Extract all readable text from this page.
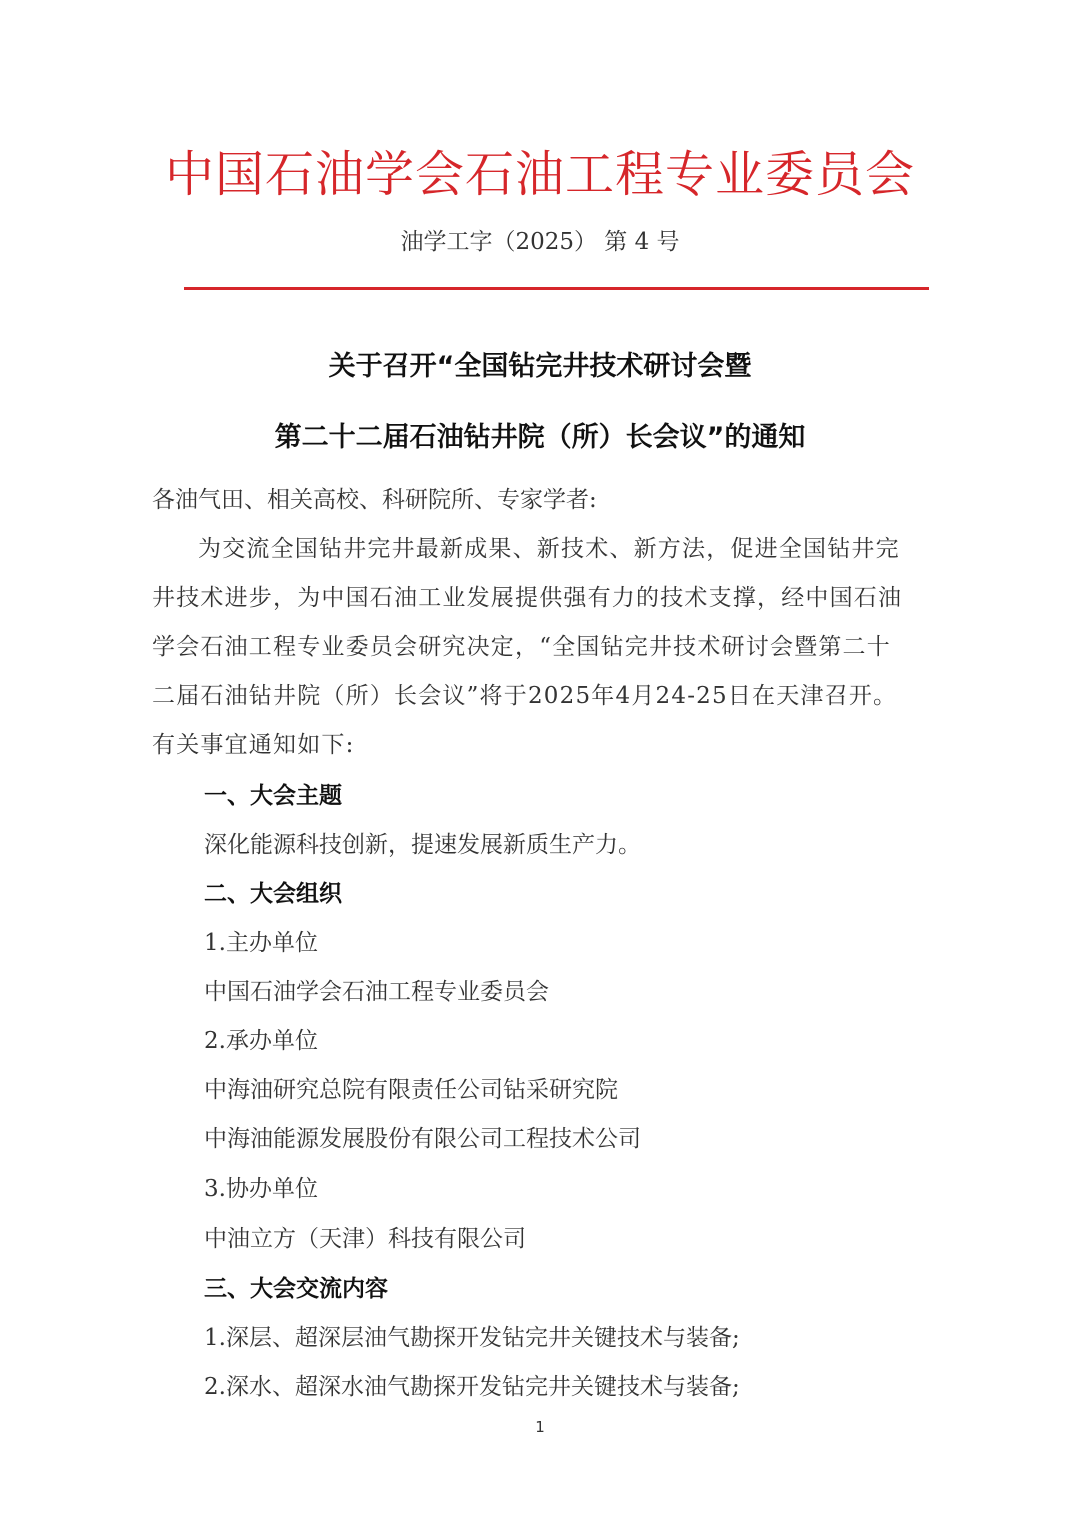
中国石油学会石油工程专业委员会
油学工字（2025） 第 4 号
关于召开“全国钻完井技术研讨会暨
第二十二届石油钻井院（所）长会议”的通知
各油气田、相关高校、科研院所、专家学者:
为交流全国钻井完井最新成果、新技术、新方法，促进全国钻井完井技术进步，为中国石油工业发展提供强有力的技术支撑，经中国石油学会石油工程专业委员会研究决定，“全国钻完井技术研讨会暨第二十二届石油钻井院（所）长会议”将于2025年4月24-25日在天津召开。有关事宜通知如下:
一、大会主题
深化能源科技创新，提速发展新质生产力。
二、大会组织
1.主办单位
中国石油学会石油工程专业委员会
2.承办单位
中海油研究总院有限责任公司钻采研究院
中海油能源发展股份有限公司工程技术公司
3.协办单位
中油立方（天津）科技有限公司
三、大会交流内容
1.深层、超深层油气勘探开发钻完井关键技术与装备;
2.深水、超深水油气勘探开发钻完井关键技术与装备;
1
